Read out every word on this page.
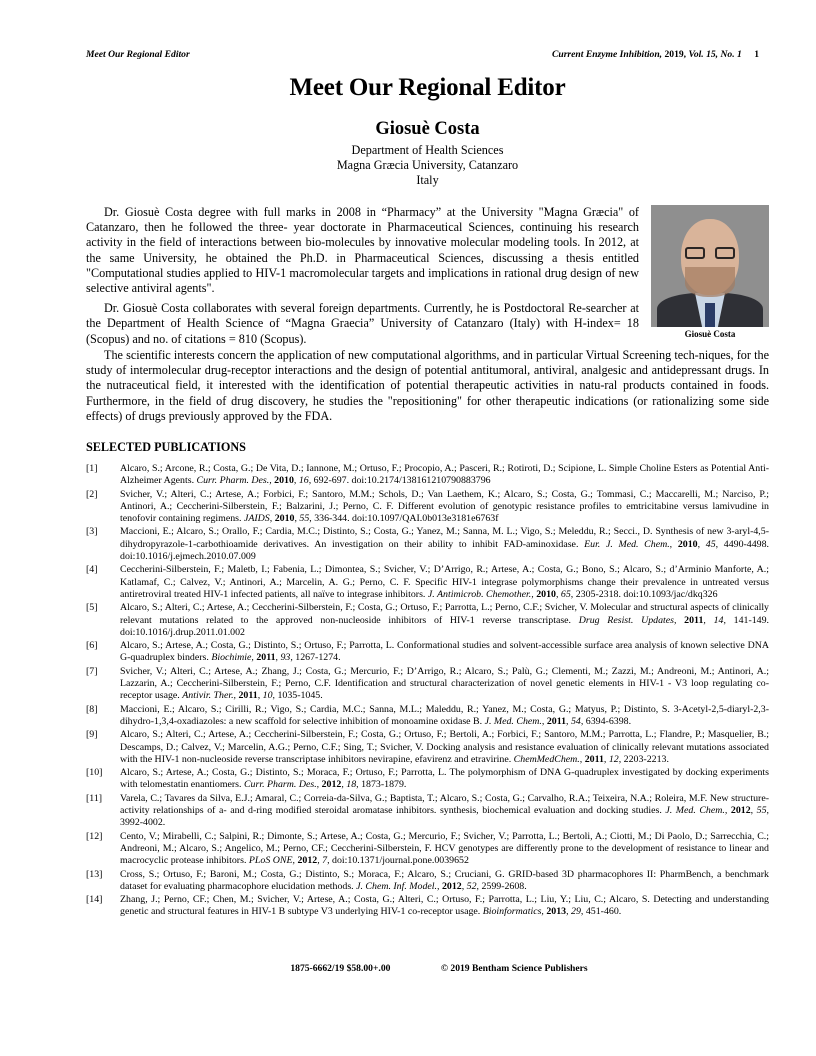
Meet Our Regional Editor	Current Enzyme Inhibition, 2019, Vol. 15, No. 1 1
Meet Our Regional Editor
Giosuè Costa
Department of Health Sciences
Magna Græcia University, Catanzaro
Italy

Dr. Giosuè Costa degree with full marks in 2008 in “Pharmacy” at the University "Magna Græcia" of Catanzaro, then he followed the three- year doctorate in Pharmaceutical Sciences, continuing his research activity in the field of interactions between bio-molecules by innovative molecular modeling tools. In 2012, at the same University, he obtained the Ph.D. in Pharmaceutical Sciences, discussing a thesis entitled "Computational studies applied to HIV-1 macromolecular targets and implications in rational drug design of new selective antiviral agents".

Dr. Giosuè Costa collaborates with several foreign departments. Currently, he is Postdoctoral Re-searcher at the Department of Health Science of “Magna Graecia” University of Catanzaro (Italy) with H-index= 18 (Scopus) and no. of citations = 810 (Scopus).	Giosuè Costa

The scientific interests concern the application of new computational algorithms, and in particular Virtual Screening tech-niques, for the study of intermolecular drug-receptor interactions and the design of potential antitumoral, antiviral, analgesic and antidepressant drugs. In the nutraceutical field, it interested with the identification of potential therapeutic activities in natu-ral products contained in foods. Furthermore, in the field of drug discovery, he studies the "repositioning" for other therapeutic indications (or rationalizing some side effects) of drugs previously approved by the FDA.

SELECTED PUBLICATIONS
[1]	Alcaro, S.; Arcone, R.; Costa, G.; De Vita, D.; Iannone, M.; Ortuso, F.; Procopio, A.; Pasceri, R.; Rotiroti, D.; Scipione, L. Simple Choline Esters as Potential Anti-Alzheimer Agents. Curr. Pharm. Des., 2010, 16, 692-697. doi:10.2174/138161210790883796
[2]	Svicher, V.; Alteri, C.; Artese, A.; Forbici, F.; Santoro, M.M.; Schols, D.; Van Laethem, K.; Alcaro, S.; Costa, G.; Tommasi, C.; Maccarelli, M.; Narciso, P.; Antinori, A.; Ceccherini-Silberstein, F.; Balzarini, J.; Perno, C. F. Different evolution of genotypic resistance profiles to emtricitabine versus lamivudine in tenofovir containing regimens. JAIDS, 2010, 55, 336-344. doi:10.1097/QAI.0b013e3181e6763f
[3]	Maccioni, E.; Alcaro, S.; Orallo, F.; Cardia, M.C.; Distinto, S.; Costa, G.; Yanez, M.; Sanna, M. L.; Vigo, S.; Meleddu, R.; Secci., D. Synthesis of new 3-aryl-4,5-dihydropyrazole-1-carbothioamide derivatives. An investigation on their ability to inhibit FAD-aminoxidase. Eur. J. Med. Chem., 2010, 45, 4490-4498. doi:10.1016/j.ejmech.2010.07.009
[4]	Ceccherini-Silberstein, F.; Maletb, I.; Fabenia, L.; Dimontea, S.; Svicher, V.; D’Arrigo, R.; Artese, A.; Costa, G.; Bono, S.; Alcaro, S.; d’Arminio Manforte, A.; Katlamaf, C.; Calvez, V.; Antinori, A.; Marcelin, A. G.; Perno, C. F. Specific HIV-1 integrase polymorphisms change their prevalence in untreated versus antiretroviral treated HIV-1 infected patients, all naïve to integrase inhibitors. J. Antimicrob. Chemother., 2010, 65, 2305-2318. doi:10.1093/jac/dkq326
[5]	Alcaro, S.; Alteri, C.; Artese, A.; Ceccherini-Silberstein, F.; Costa, G.; Ortuso, F.; Parrotta, L.; Perno, C.F.; Svicher, V. Molecular and structural aspects of clinically relevant mutations related to the approved non-nucleoside inhibitors of HIV-1 reverse transcriptase. Drug Resist. Updates, 2011, 14, 141-149. doi:10.1016/j.drup.2011.01.002
[6]	Alcaro, S.; Artese, A.; Costa, G.; Distinto, S.; Ortuso, F.; Parrotta, L. Conformational studies and solvent-accessible surface area analysis of known selective DNA G-quadruplex binders. Biochimie, 2011, 93, 1267-1274.
[7]	Svicher, V.; Alteri, C.; Artese, A.; Zhang, J.; Costa, G.; Mercurio, F.; D’Arrigo, R.; Alcaro, S.; Palù, G.; Clementi, M.; Zazzi, M.; Andreoni, M.; Antinori, A.; Lazzarin, A.; Ceccherini-Silberstein, F.; Perno, C.F. Identification and structural characterization of novel genetic elements in HIV-1 - V3 loop regulating co-receptor usage. Antivir. Ther., 2011, 10, 1035-1045.
[8]	Maccioni, E.; Alcaro, S.; Cirilli, R.; Vigo, S.; Cardia, M.C.; Sanna, M.L.; Maleddu, R.; Yanez, M.; Costa, G.; Matyus, P.; Distinto, S. 3-Acetyl-2,5-diaryl-2,3-dihydro-1,3,4-oxadiazoles: a new scaffold for selective inhibition of monoamine oxidase B. J. Med. Chem., 2011, 54, 6394-6398.
[9]	Alcaro, S.; Alteri, C.; Artese, A.; Ceccherini-Silberstein, F.; Costa, G.; Ortuso, F.; Bertoli, A.; Forbici, F.; Santoro, M.M.; Parrotta, L.; Flandre, P.; Masquelier, B.; Descamps, D.; Calvez, V.; Marcelin, A.G.; Perno, C.F.; Sing, T.; Svicher, V. Docking analysis and resistance evaluation of clinically relevant mutations associated with the HIV-1 non-nucleoside reverse transcriptase inhibitors nevirapine, efavirenz and etravirine. ChemMedChem., 2011, 12, 2203-2213.
[10]	Alcaro, S.; Artese, A.; Costa, G.; Distinto, S.; Moraca, F.; Ortuso, F.; Parrotta, L. The polymorphism of DNA G-quadruplex investigated by docking experiments with telomestatin enantiomers. Curr. Pharm. Des., 2012, 18, 1873-1879.
[11]	Varela, C.; Tavares da Silva, E.J.; Amaral, C.; Correia-da-Silva, G.; Baptista, T.; Alcaro, S.; Costa, G.; Carvalho, R.A.; Teixeira, N.A.; Roleira, M.F. New structure-activity relationships of a- and d-ring modified steroidal aromatase inhibitors. synthesis, biochemical evaluation and docking studies. J. Med. Chem., 2012, 55, 3992-4002.
[12]	Cento, V.; Mirabelli, C.; Salpini, R.; Dimonte, S.; Artese, A.; Costa, G.; Mercurio, F.; Svicher, V.; Parrotta, L.; Bertoli, A.; Ciotti, M.; Di Paolo, D.; Sarrecchia, C.; Andreoni, M.; Alcaro, S.; Angelico, M.; Perno, CF.; Ceccherini-Silberstein, F. HCV genotypes are differently prone to the development of resistance to linear and macrocyclic protease inhibitors. PLoS ONE, 2012, 7, doi:10.1371/journal.pone.0039652
[13]	Cross, S.; Ortuso, F.; Baroni, M.; Costa, G.; Distinto, S.; Moraca, F.; Alcaro, S.; Cruciani, G. GRID-based 3D pharmacophores II: PharmBench, a benchmark dataset for evaluating pharmacophore elucidation methods. J. Chem. Inf. Model., 2012, 52, 2599-2608.
[14]	Zhang, J.; Perno, CF.; Chen, M.; Svicher, V.; Artese, A.; Costa, G.; Alteri, C.; Ortuso, F.; Parrotta, L.; Liu, Y.; Liu, C.; Alcaro, S. Detecting and understanding genetic and structural features in HIV-1 B subtype V3 underlying HIV-1 co-receptor usage. Bioinformatics, 2013, 29, 451-460.
1875-6662/19 $58.00+.00	© 2019 Bentham Science Publishers
